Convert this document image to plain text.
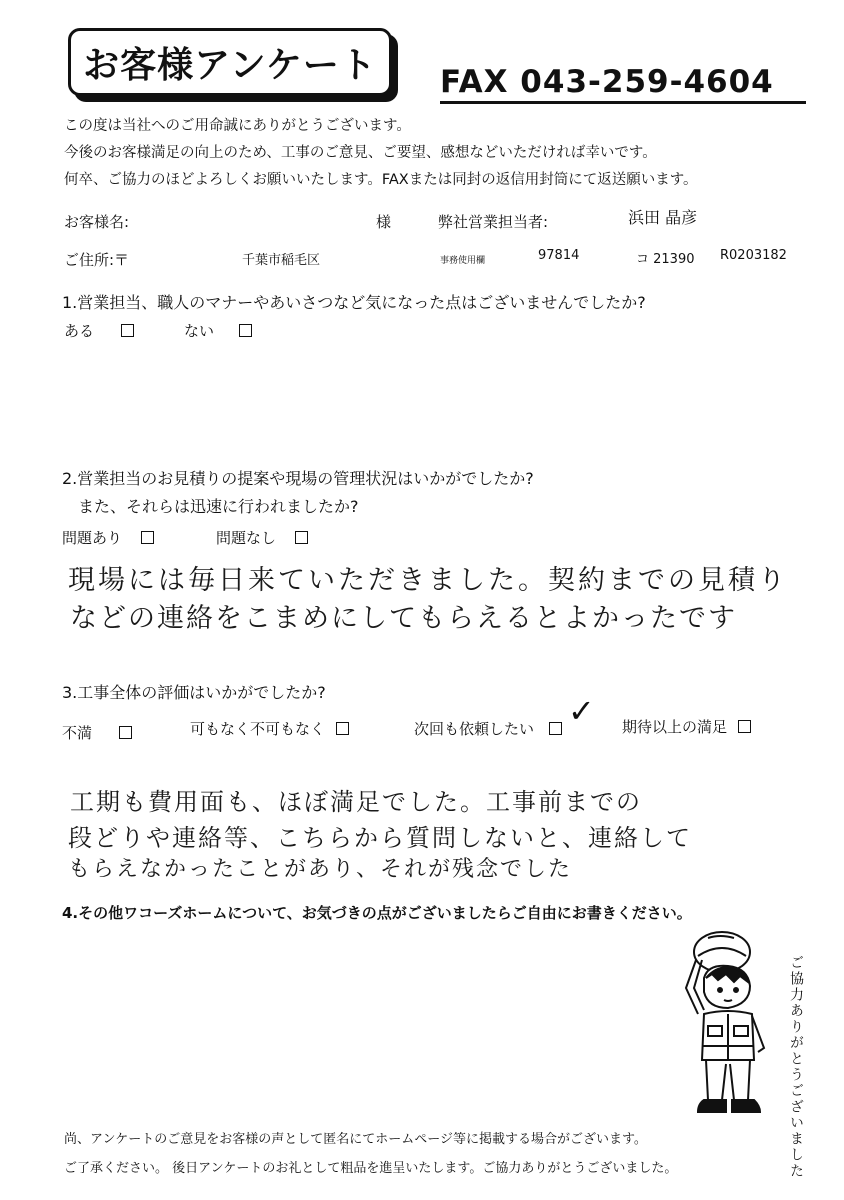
お客様アンケート FAX 043-259-4604
この度は当社へのご用命誠にありがとうございます。
今後のお客様満足の向上のため、工事のご意見、ご要望、感想などいただければ幸いです。
何卒、ご協力のほどよろしくお願いいたします。FAXまたは同封の返信用封筒にて返送願います。
お客様名:	様	弊社営業担当者:	浜田 晶彦
ご住所:〒	千葉市稲毛区	事務使用欄	97814	コ 21390 R0203182
1.営業担当、職人のマナーやあいさつなど気になった点はございませんでしたか?
ある	ない
2.営業担当のお見積りの提案や現場の管理状況はいかがでしたか?
また、それらは迅速に行われましたか?
問題あり	問題なし
現場には毎日来ていただきました。契約までの見積り
などの連絡をこまめにしてもらえるとよかったです
3.工事全体の評価はいかがでしたか?
不満	可もなく不可もなく	次回も依頼したい	✓ 期待以上の満足
工期も費用面も、ほぼ満足でした。工事前までの
段どりや連絡等、こちらから質問しないと、連絡して
もらえなかったことがあり、それが残念でした
4.その他ワコーズホームについて、お気づきの点がございましたらご自由にお書きください。
ご協力ありがとうございました
尚、アンケートのご意見をお客様の声として匿名にてホームページ等に掲載する場合がございます。
ご了承ください。 後日アンケートのお礼として粗品を進呈いたします。ご協力ありがとうございました。
